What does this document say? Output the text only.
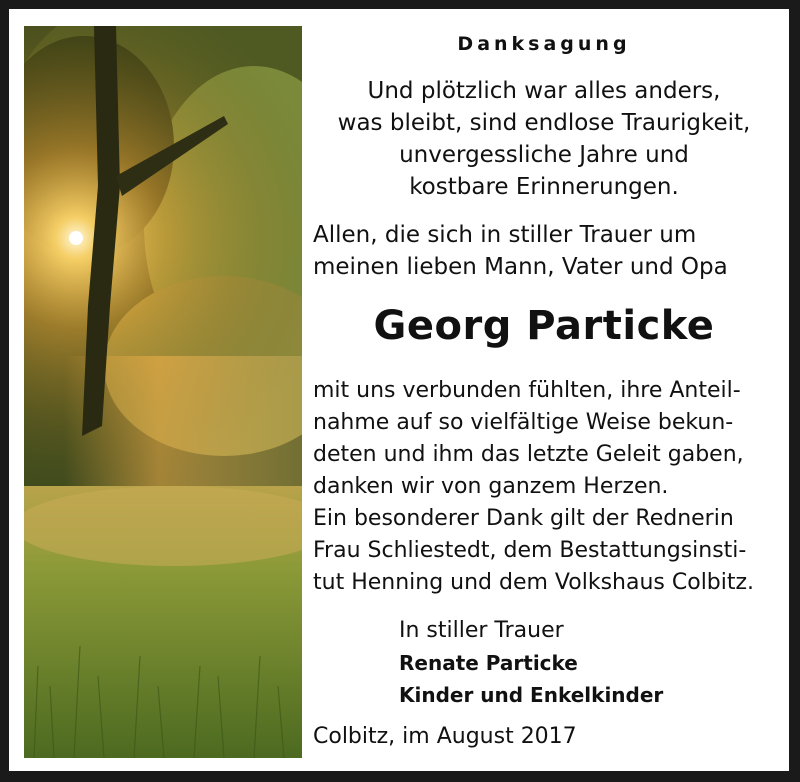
Danksagung
Und plötzlich war alles anders,
was bleibt, sind endlose Traurigkeit,
unvergessliche Jahre und
kostbare Erinnerungen.
Allen, die sich in stiller Trauer um
meinen lieben Mann, Vater und Opa
Georg Particke
mit uns verbunden fühlten, ihre Anteil-
nahme auf so vielfältige Weise bekun-
deten und ihm das letzte Geleit gaben,
danken wir von ganzem Herzen.
Ein besonderer Dank gilt der Rednerin
Frau Schliestedt, dem Bestattungsinsti-
tut Henning und dem Volkshaus Colbitz.
In stiller Trauer
Renate Particke
Kinder und Enkelkinder
Colbitz, im August 2017
